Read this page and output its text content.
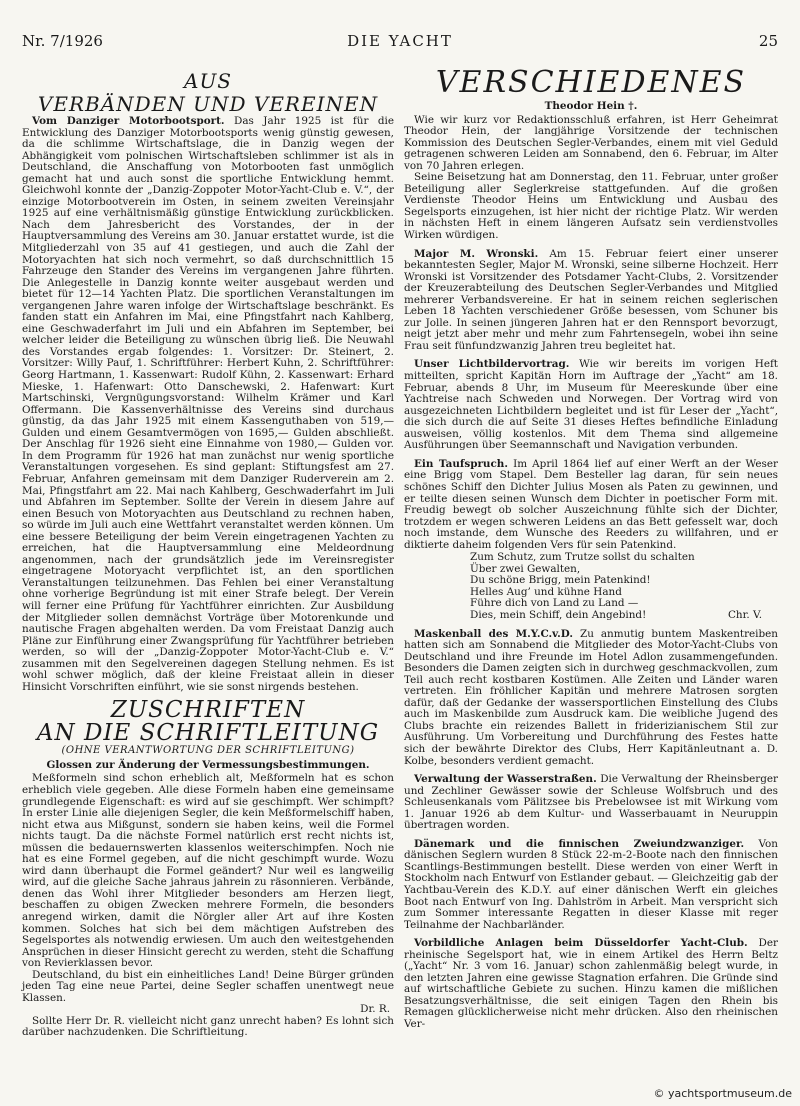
Nr. 7/1926	DIE YACHT	25
AUS
VERBÄNDEN UND VEREINEN

Vom Danziger Motorbootsport. Das Jahr 1925 ist für die Entwicklung des Danziger Motorbootsports wenig günstig gewesen, da die schlimme Wirtschaftslage, die in Danzig wegen der Abhängigkeit vom polnischen Wirtschaftsleben schlimmer ist als in Deutschland, die Anschaffung von Motorbooten fast unmöglich gemacht hat und auch sonst die sportliche Entwicklung hemmt. Gleichwohl konnte der „Danzig-Zoppoter Motor-Yacht-Club e. V.“, der einzige Motorbootverein im Osten, in seinem zweiten Vereinsjahr 1925 auf eine verhältnismäßig günstige Entwicklung zurückblicken. Nach dem Jahresbericht des Vorstandes, der in der Hauptversammlung des Vereins am 30. Januar erstattet wurde, ist die Mitgliederzahl von 35 auf 41 gestiegen, und auch die Zahl der Motoryachten hat sich noch vermehrt, so daß durchschnittlich 15 Fahrzeuge den Stander des Vereins im vergangenen Jahre führten. Die Anlegestelle in Danzig konnte weiter ausgebaut werden und bietet für 12—14 Yachten Platz. Die sportlichen Veranstaltungen im vergangenen Jahre waren infolge der Wirtschaftslage beschränkt. Es fanden statt ein Anfahren im Mai, eine Pfingstfahrt nach Kahlberg, eine Geschwaderfahrt im Juli und ein Abfahren im September, bei welcher leider die Beteiligung zu wünschen übrig ließ. Die Neuwahl des Vorstandes ergab folgendes: 1. Vorsitzer: Dr. Steinert, 2. Vorsitzer: Willy Pauf, 1. Schriftführer: Herbert Kuhn, 2. Schriftführer: Georg Hartmann, 1. Kassenwart: Rudolf Kühn, 2. Kassenwart: Erhard Mieske, 1. Hafenwart: Otto Danschewski, 2. Hafenwart: Kurt Martschinski, Vergnügungsvorstand: Wilhelm Krämer und Karl Offermann. Die Kassenverhältnisse des Vereins sind durchaus günstig, da das Jahr 1925 mit einem Kassenguthaben von 519,— Gulden und einem Gesamtvermögen von 1695,— Gulden abschließt. Der Anschlag für 1926 sieht eine Einnahme von 1980,— Gulden vor. In dem Programm für 1926 hat man zunächst nur wenig sportliche Veranstaltungen vorgesehen. Es sind geplant: Stiftungsfest am 27. Februar, Anfahren gemeinsam mit dem Danziger Ruderverein am 2. Mai, Pfingstfahrt am 22. Mai nach Kahlberg, Geschwaderfahrt im Juli und Abfahren im September. Sollte der Verein in diesem Jahre auf einen Besuch von Motoryachten aus Deutschland zu rechnen haben, so würde im Juli auch eine Wettfahrt veranstaltet werden können. Um eine bessere Beteiligung der beim Verein eingetragenen Yachten zu erreichen, hat die Hauptversammlung eine Meldeordnung angenommen, nach der grundsätzlich jede im Vereinsregister eingetragene Motoryacht verpflichtet ist, an den sportlichen Veranstaltungen teilzunehmen. Das Fehlen bei einer Veranstaltung ohne vorherige Begründung ist mit einer Strafe belegt. Der Verein will ferner eine Prüfung für Yachtführer einrichten. Zur Ausbildung der Mitglieder sollen demnächst Vorträge über Motorenkunde und nautische Fragen abgehalten werden. Da vom Freistaat Danzig auch Pläne zur Einführung einer Zwangsprüfung für Yachtführer betrieben werden, so will der „Danzig-Zoppoter Motor-Yacht-Club e. V.“ zusammen mit den Segelvereinen dagegen Stellung nehmen. Es ist wohl schwer möglich, daß der kleine Freistaat allein in dieser Hinsicht Vorschriften einführt, wie sie sonst nirgends bestehen.

ZUSCHRIFTEN
AN DIE SCHRIFTLEITUNG
(OHNE VERANTWORTUNG DER SCHRIFTLEITUNG)
Glossen zur Änderung der Vermessungsbestimmungen.

Meßformeln sind schon erheblich alt, Meßformeln hat es schon erheblich viele gegeben. Alle diese Formeln haben eine gemeinsame grundlegende Eigenschaft: es wird auf sie geschimpft. Wer schimpft? In erster Linie alle diejenigen Segler, die kein Meßformelschiff haben, nicht etwa aus Mißgunst, sondern sie haben keins, weil die Formel nichts taugt. Da die nächste Formel natürlich erst recht nichts ist, müssen die bedauernswerten klassenlos weiterschimpfen. Noch nie hat es eine Formel gegeben, auf die nicht geschimpft wurde. Wozu wird dann überhaupt die Formel geändert? Nur weil es langweilig wird, auf die gleiche Sache jahraus jahrein zu räsonnieren. Verbände, denen das Wohl ihrer Mitglieder besonders am Herzen liegt, beschaffen zu obigen Zwecken mehrere Formeln, die besonders anregend wirken, damit die Nörgler aller Art auf ihre Kosten kommen. Solches hat sich bei dem mächtigen Aufstreben des Segelsportes als notwendig erwiesen. Um auch den weitestgehenden Ansprüchen in dieser Hinsicht gerecht zu werden, steht die Schaffung von Revierklassen bevor.

Deutschland, du bist ein einheitliches Land! Deine Bürger gründen jeden Tag eine neue Partei, deine Segler schaffen unentwegt neue Klassen.

Dr. R.

Sollte Herr Dr. R. vielleicht nicht ganz unrecht haben? Es lohnt sich darüber nachzudenken. Die Schriftleitung.

VERSCHIEDENES
Theodor Hein †.

Wie wir kurz vor Redaktionsschluß erfahren, ist Herr Geheimrat Theodor Hein, der langjährige Vorsitzende der technischen Kommission des Deutschen Segler-Verbandes, einem mit viel Geduld getragenen schweren Leiden am Sonnabend, den 6. Februar, im Alter von 70 Jahren erlegen.

Seine Beisetzung hat am Donnerstag, den 11. Februar, unter großer Beteiligung aller Seglerkreise stattgefunden. Auf die großen Verdienste Theodor Heins um Entwicklung und Ausbau des Segelsports einzugehen, ist hier nicht der richtige Platz. Wir werden in nächsten Heft in einem längeren Aufsatz sein verdienstvolles Wirken würdigen.

Major M. Wronski. Am 15. Februar feiert einer unserer bekanntesten Segler, Major M. Wronski, seine silberne Hochzeit. Herr Wronski ist Vorsitzender des Potsdamer Yacht-Clubs, 2. Vorsitzender der Kreuzerabteilung des Deutschen Segler-Verbandes und Mitglied mehrerer Verbandsvereine. Er hat in seinem reichen seglerischen Leben 18 Yachten verschiedener Größe besessen, vom Schuner bis zur Jolle. In seinen jüngeren Jahren hat er den Rennsport bevorzugt, neigt jetzt aber mehr und mehr zum Fahrtensegeln, wobei ihn seine Frau seit fünfundzwanzig Jahren treu begleitet hat.

Unser Lichtbildervortrag. Wie wir bereits im vorigen Heft mitteilten, spricht Kapitän Horn im Auftrage der „Yacht“ am 18. Februar, abends 8 Uhr, im Museum für Meereskunde über eine Yachtreise nach Schweden und Norwegen. Der Vortrag wird von ausgezeichneten Lichtbildern begleitet und ist für Leser der „Yacht“, die sich durch die auf Seite 31 dieses Heftes befindliche Einladung ausweisen, völlig kostenlos. Mit dem Thema sind allgemeine Ausführungen über Seemannschaft und Navigation verbunden.

Ein Taufspruch. Im April 1864 lief auf einer Werft an der Weser eine Brigg vom Stapel. Dem Besteller lag daran, für sein neues schönes Schiff den Dichter Julius Mosen als Paten zu gewinnen, und er teilte diesen seinen Wunsch dem Dichter in poetischer Form mit. Freudig bewegt ob solcher Auszeichnung fühlte sich der Dichter, trotzdem er wegen schweren Leidens an das Bett gefesselt war, doch noch imstande, dem Wunsche des Reeders zu willfahren, und er diktierte daheim folgenden Vers für sein Patenkind.

Zum Schutz, zum Trutze sollst du schalten
Über zwei Gewalten,
Du schöne Brigg, mein Patenkind!
Helles Aug’ und kühne Hand
Führe dich von Land zu Land —
Dies, mein Schiff, dein Angebind!	Chr. V.

Maskenball des M.Y.C.v.D. Zu anmutig buntem Maskentreiben hatten sich am Sonnabend die Mitglieder des Motor-Yacht-Clubs von Deutschland und ihre Freunde im Hotel Adlon zusammengefunden. Besonders die Damen zeigten sich in durchweg geschmackvollen, zum Teil auch recht kostbaren Kostümen. Alle Zeiten und Länder waren vertreten. Ein fröhlicher Kapitän und mehrere Matrosen sorgten dafür, daß der Gedanke der wassersportlichen Einstellung des Clubs auch im Maskenbilde zum Ausdruck kam. Die weibliche Jugend des Clubs brachte ein reizendes Ballett in friderizianischem Stil zur Ausführung. Um Vorbereitung und Durchführung des Festes hatte sich der bewährte Direktor des Clubs, Herr Kapitänleutnant a. D. Kolbe, besonders verdient gemacht.

Verwaltung der Wasserstraßen. Die Verwaltung der Rheinsberger und Zechliner Gewässer sowie der Schleuse Wolfsbruch und des Schleusenkanals vom Pälitzsee bis Prebelowsee ist mit Wirkung vom 1. Januar 1926 ab dem Kultur- und Wasserbauamt in Neuruppin übertragen worden.

Dänemark und die finnischen Zweiundzwanziger. Von dänischen Seglern wurden 8 Stück 22-m-2-Boote nach den finnischen Scantlings-Bestimmungen bestellt. Diese werden von einer Werft in Stockholm nach Entwurf von Estlander gebaut. — Gleichzeitig gab der Yachtbau-Verein des K.D.Y. auf einer dänischen Werft ein gleiches Boot nach Entwurf von Ing. Dahlström in Arbeit. Man verspricht sich zum Sommer interessante Regatten in dieser Klasse mit reger Teilnahme der Nachbarländer.

Vorbildliche Anlagen beim Düsseldorfer Yacht-Club. Der rheinische Segelsport hat, wie in einem Artikel des Herrn Beltz („Yacht“ Nr. 3 vom 16. Januar) schon zahlenmäßig belegt wurde, in den letzten Jahren eine gewisse Stagnation erfahren. Die Gründe sind auf wirtschaftliche Gebiete zu suchen. Hinzu kamen die mißlichen Besatzungsverhältnisse, die seit einigen Tagen den Rhein bis Remagen glücklicherweise nicht mehr drücken. Also den rheinischen Ver-

© yachtsportmuseum.de
